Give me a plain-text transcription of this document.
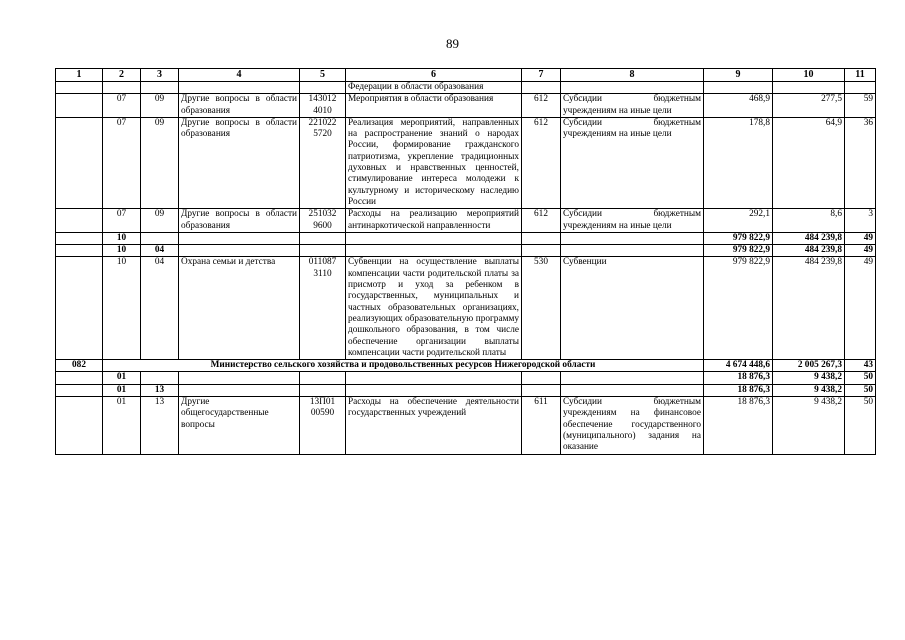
89
1	2	3	4	5	6	7	8	9	10	11
					Федерации в области образования					
	07	09	Другие вопросы в области образования	143012 4010	Мероприятия в области образования	612	Субсидии бюджетным учреждениям на иные цели	468,9	277,5	59
	07	09	Другие вопросы в области образования	221022 5720	Реализация мероприятий, направленных на распространение знаний о народах России, формирование гражданского патриотизма, укрепление традиционных духовных и нравственных ценностей, стимулирование интереса молодежи к культурному и историческому наследию России	612	Субсидии бюджетным учреждениям на иные цели	178,8	64,9	36
	07	09	Другие вопросы в области образования	251032 9600	Расходы на реализацию мероприятий антинаркотической направленности	612	Субсидии бюджетным учреждениям на иные цели	292,1	8,6	3
	10							979 822,9	484 239,8	49
	10	04						979 822,9	484 239,8	49
	10	04	Охрана семьи и детства	011087 3110	Субвенции на осуществление выплаты компенсации части родительской платы за присмотр и уход за ребенком в государственных, муниципальных и частных образовательных организациях, реализующих образовательную программу дошкольного образования, в том числе обеспечение организации выплаты компенсации части родительской платы	530	Субвенции	979 822,9	484 239,8	49
082	Министерство сельского хозяйства и продовольственных ресурсов Нижегородской области							4 674 448,6	2 005 267,3	43
	01							18 876,3	9 438,2	50
	01	13						18 876,3	9 438,2	50
	01	13	Другие общегосударственные вопросы	13П01 00590	Расходы на обеспечение деятельности государственных учреждений	611	Субсидии бюджетным учреждениям на финансовое обеспечение государственного (муниципального) задания на оказание	18 876,3	9 438,2	50
